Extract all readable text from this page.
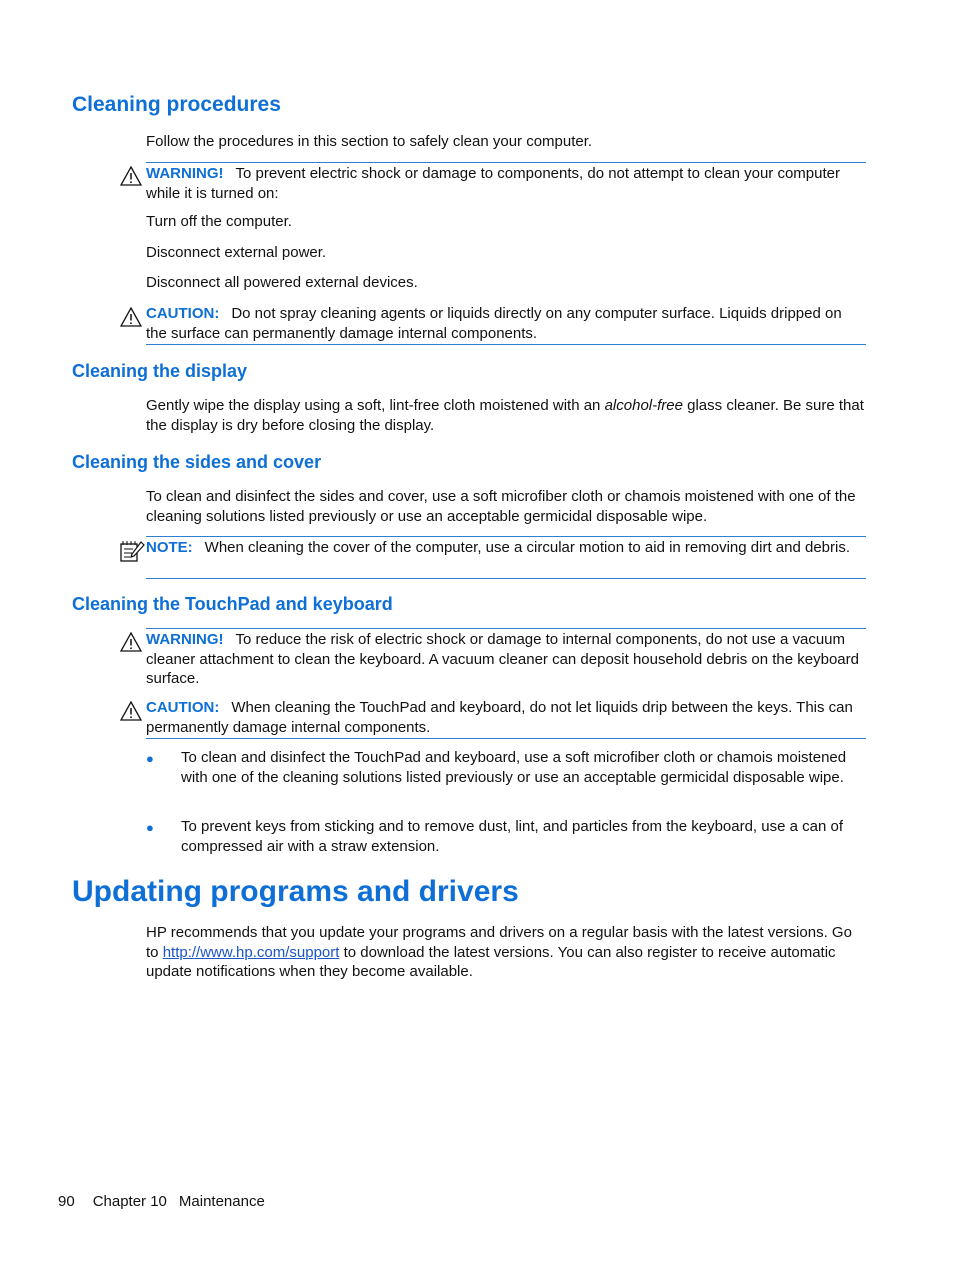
Cleaning procedures

Follow the procedures in this section to safely clean your computer.

WARNING! To prevent electric shock or damage to components, do not attempt to clean your computer while it is turned on:

Turn off the computer.

Disconnect external power.

Disconnect all powered external devices.

CAUTION: Do not spray cleaning agents or liquids directly on any computer surface. Liquids dripped on the surface can permanently damage internal components.

Cleaning the display

Gently wipe the display using a soft, lint-free cloth moistened with an alcohol-free glass cleaner. Be sure that the display is dry before closing the display.

Cleaning the sides and cover

To clean and disinfect the sides and cover, use a soft microfiber cloth or chamois moistened with one of the cleaning solutions listed previously or use an acceptable germicidal disposable wipe.

NOTE: When cleaning the cover of the computer, use a circular motion to aid in removing dirt and debris.

Cleaning the TouchPad and keyboard

WARNING! To reduce the risk of electric shock or damage to internal components, do not use a vacuum cleaner attachment to clean the keyboard. A vacuum cleaner can deposit household debris on the keyboard surface.

CAUTION: When cleaning the TouchPad and keyboard, do not let liquids drip between the keys. This can permanently damage internal components.

● To clean and disinfect the TouchPad and keyboard, use a soft microfiber cloth or chamois moistened with one of the cleaning solutions listed previously or use an acceptable germicidal disposable wipe.

● To prevent keys from sticking and to remove dust, lint, and particles from the keyboard, use a can of compressed air with a straw extension.

Updating programs and drivers

HP recommends that you update your programs and drivers on a regular basis with the latest versions. Go to http://www.hp.com/support to download the latest versions. You can also register to receive automatic update notifications when they become available.

90 Chapter 10 Maintenance
